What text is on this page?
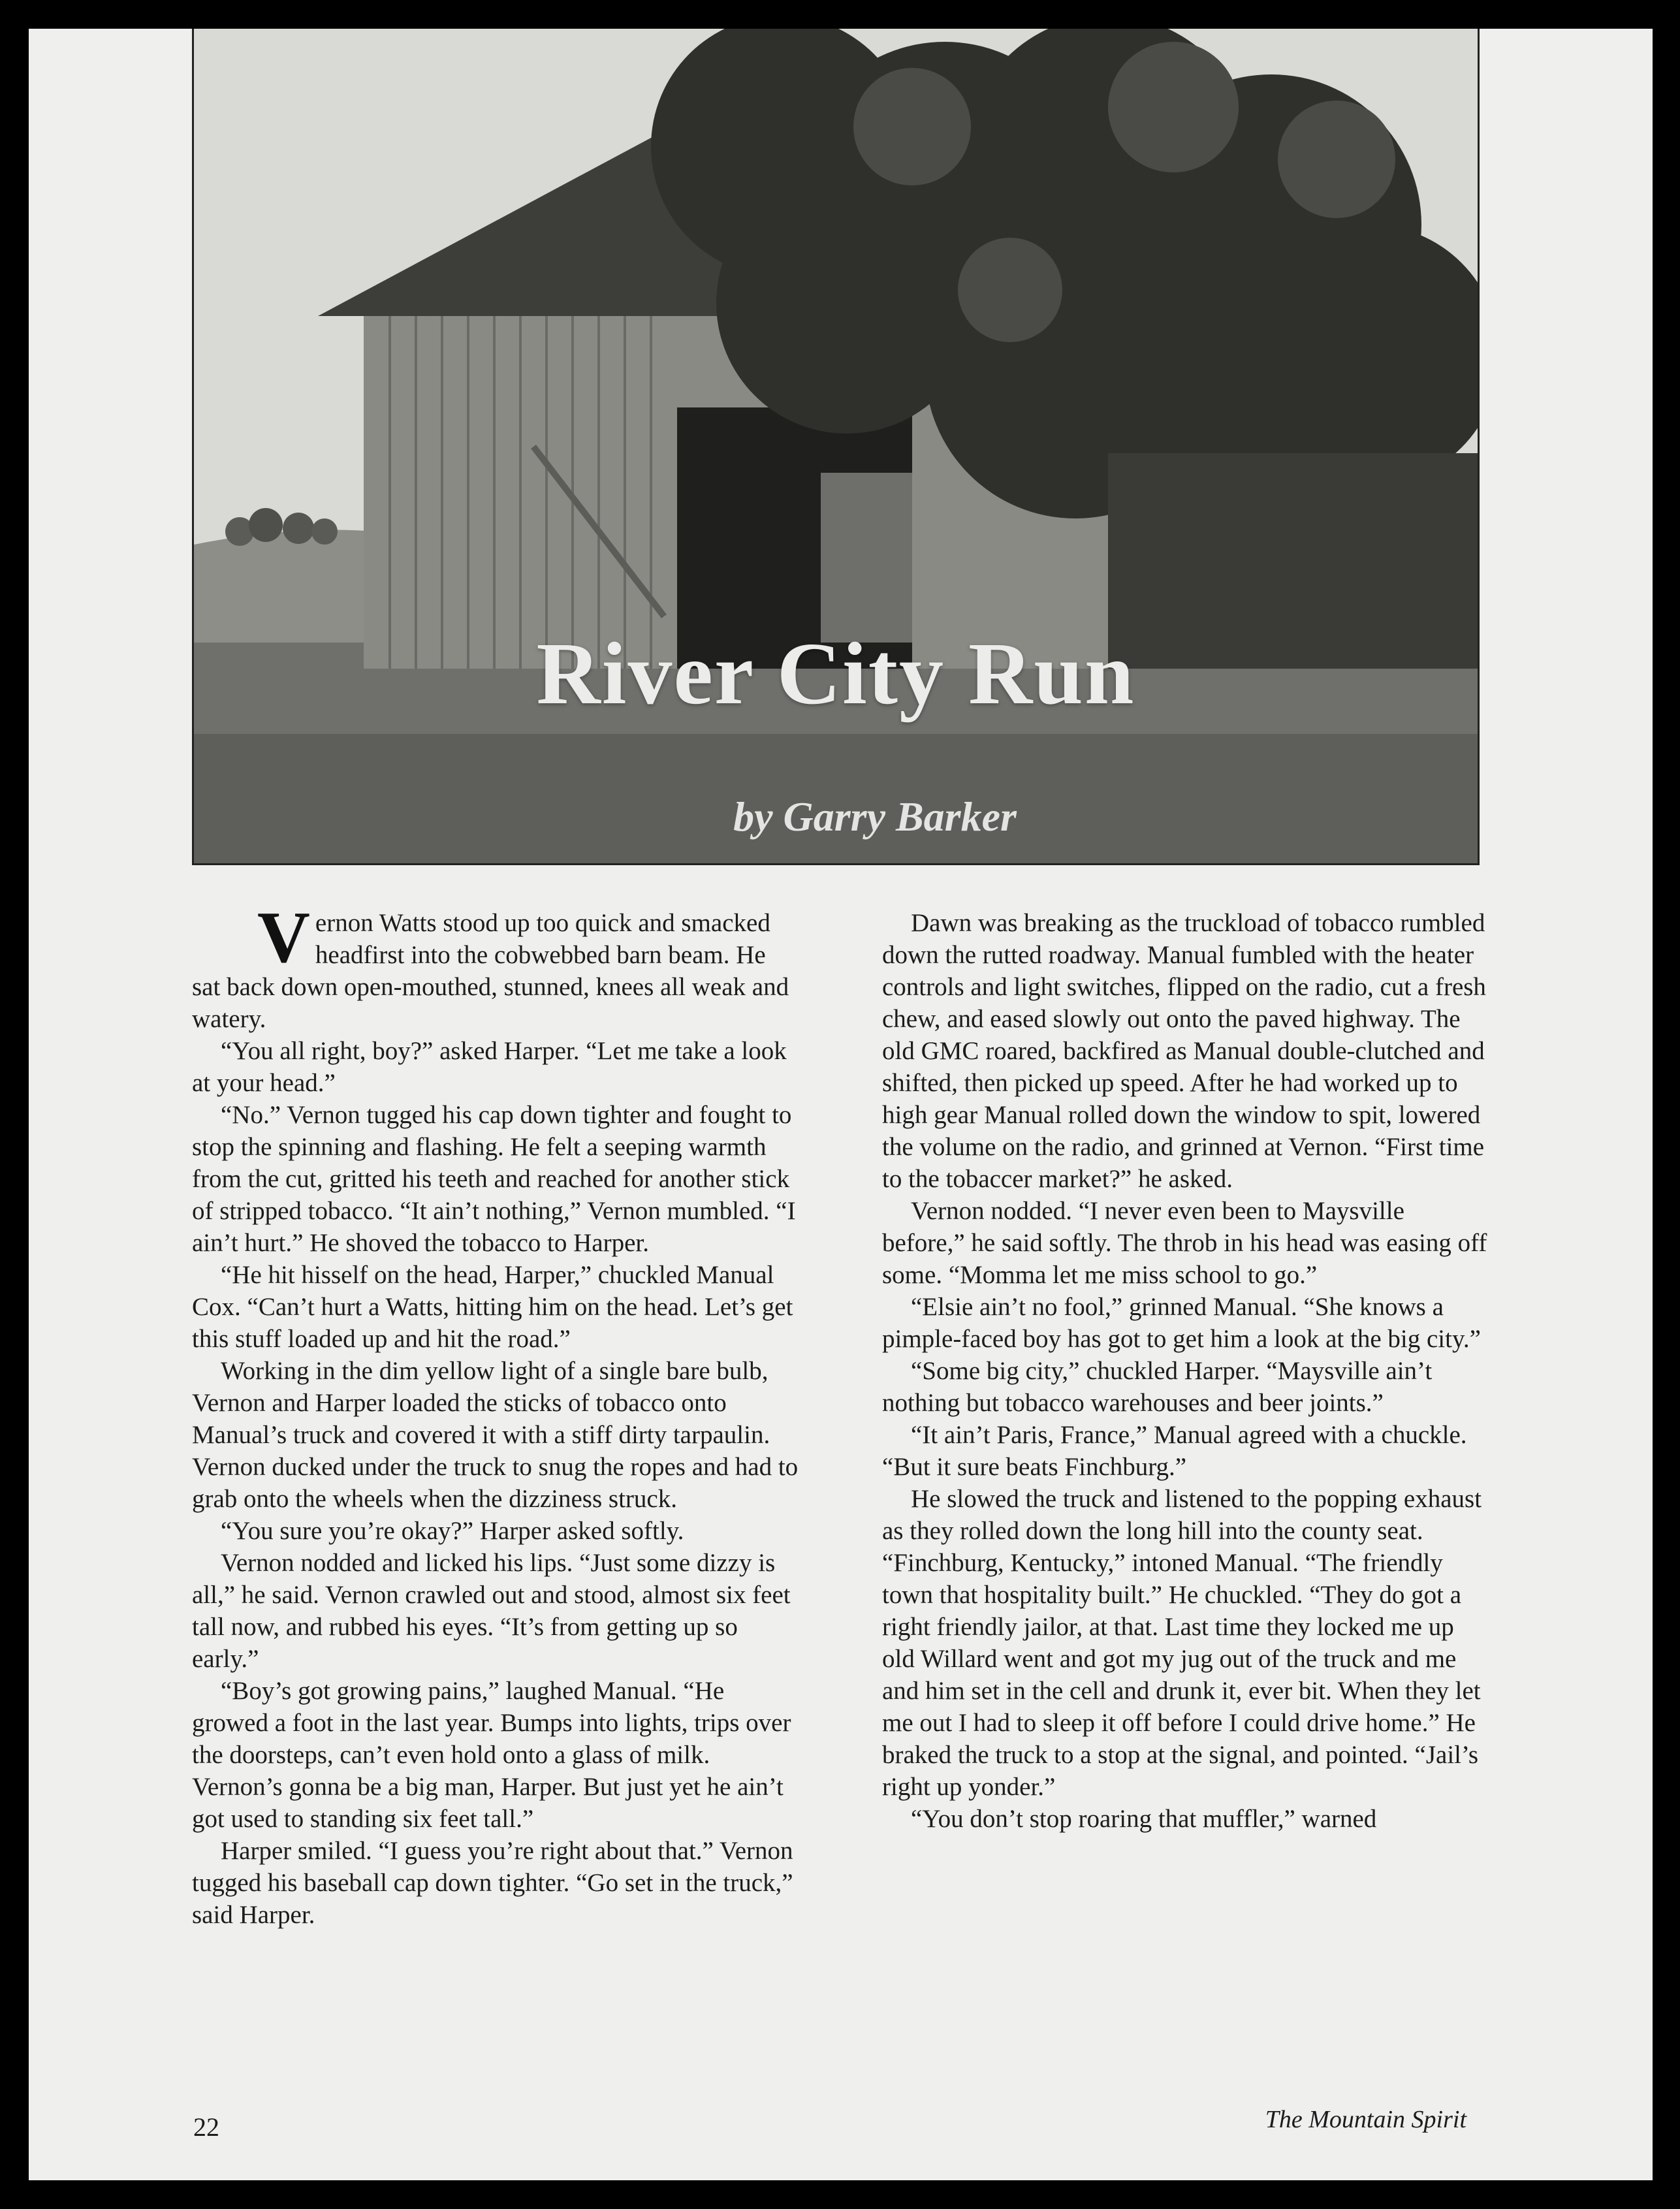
River City Run
by Garry Barker

Vernon Watts stood up too quick and smacked headfirst into the cobwebbed barn beam. He sat back down open-mouthed, stunned, knees all weak and watery.

“You all right, boy?” asked Harper. “Let me take a look at your head.”

“No.” Vernon tugged his cap down tighter and fought to stop the spinning and flashing. He felt a seeping warmth from the cut, gritted his teeth and reached for another stick of stripped tobacco. “It ain’t nothing,” Vernon mumbled. “I ain’t hurt.” He shoved the tobacco to Harper.

“He hit hisself on the head, Harper,” chuckled Manual Cox. “Can’t hurt a Watts, hitting him on the head. Let’s get this stuff loaded up and hit the road.”

Working in the dim yellow light of a single bare bulb, Vernon and Harper loaded the sticks of tobacco onto Manual’s truck and covered it with a stiff dirty tarpaulin. Vernon ducked under the truck to snug the ropes and had to grab onto the wheels when the dizziness struck.

“You sure you’re okay?” Harper asked softly.

Vernon nodded and licked his lips. “Just some dizzy is all,” he said. Vernon crawled out and stood, almost six feet tall now, and rubbed his eyes. “It’s from getting up so early.”

“Boy’s got growing pains,” laughed Manual. “He growed a foot in the last year. Bumps into lights, trips over the doorsteps, can’t even hold onto a glass of milk. Vernon’s gonna be a big man, Harper. But just yet he ain’t got used to standing six feet tall.”

Harper smiled. “I guess you’re right about that.” Vernon tugged his baseball cap down tighter. “Go set in the truck,” said Harper.

Dawn was breaking as the truckload of tobacco rumbled down the rutted roadway. Manual fumbled with the heater controls and light switches, flipped on the radio, cut a fresh chew, and eased slowly out onto the paved highway. The old GMC roared, backfired as Manual double-clutched and shifted, then picked up speed. After he had worked up to high gear Manual rolled down the window to spit, lowered the volume on the radio, and grinned at Vernon. “First time to the tobaccer market?” he asked.

Vernon nodded. “I never even been to Maysville before,” he said softly. The throb in his head was easing off some. “Momma let me miss school to go.”

“Elsie ain’t no fool,” grinned Manual. “She knows a pimple-faced boy has got to get him a look at the big city.”

“Some big city,” chuckled Harper. “Maysville ain’t nothing but tobacco warehouses and beer joints.”

“It ain’t Paris, France,” Manual agreed with a chuckle. “But it sure beats Finchburg.”

He slowed the truck and listened to the popping exhaust as they rolled down the long hill into the county seat. “Finchburg, Kentucky,” intoned Manual. “The friendly town that hospitality built.” He chuckled. “They do got a right friendly jailor, at that. Last time they locked me up old Willard went and got my jug out of the truck and me and him set in the cell and drunk it, ever bit. When they let me out I had to sleep it off before I could drive home.” He braked the truck to a stop at the signal, and pointed. “Jail’s right up yonder.”

“You don’t stop roaring that muffler,” warned

22	The Mountain Spirit
